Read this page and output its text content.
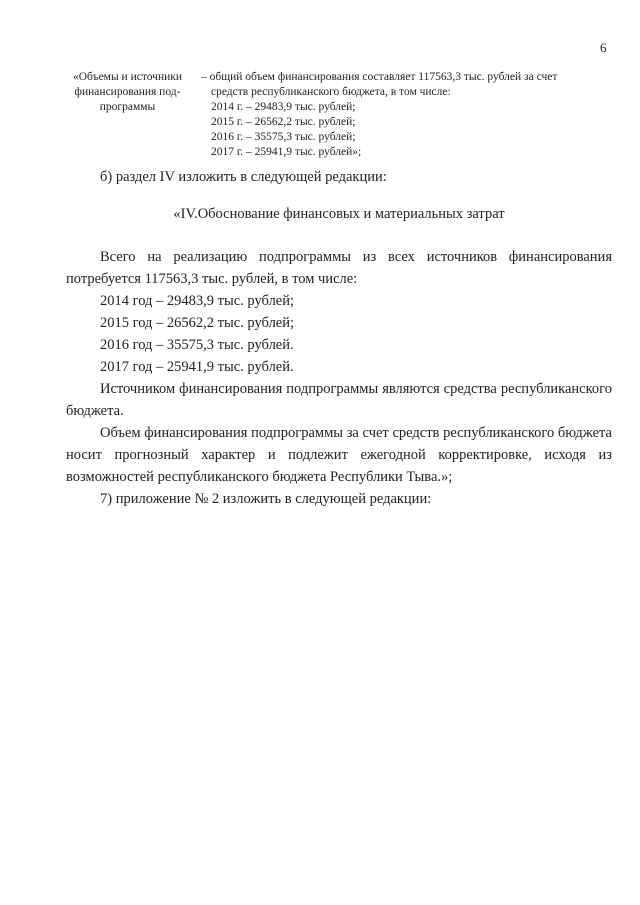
6
«Объемы и источники
финансирования под-
программы
– общий объем финансирования составляет 117563,3 тыс. рублей за счет
средств республиканского бюджета, в том числе:
2014 г. – 29483,9 тыс. рублей;
2015 г. – 26562,2 тыс. рублей;
2016 г. – 35575,3 тыс. рублей;
2017 г. – 25941,9 тыс. рублей»;

б) раздел IV изложить в следующей редакции:

«IV.Обоснование финансовых и материальных затрат

Всего на реализацию подпрограммы из всех источников финансирования потребуется 117563,3 тыс. рублей, в том числе:

2014 год – 29483,9 тыс. рублей;

2015 год – 26562,2 тыс. рублей;

2016 год – 35575,3 тыс. рублей.

2017 год – 25941,9 тыс. рублей.

Источником финансирования подпрограммы являются средства республиканского бюджета.

Объем финансирования подпрограммы за счет средств республиканского бюджета носит прогнозный характер и подлежит ежегодной корректировке, исходя из возможностей республиканского бюджета Республики Тыва.»;

7) приложение № 2 изложить в следующей редакции:
